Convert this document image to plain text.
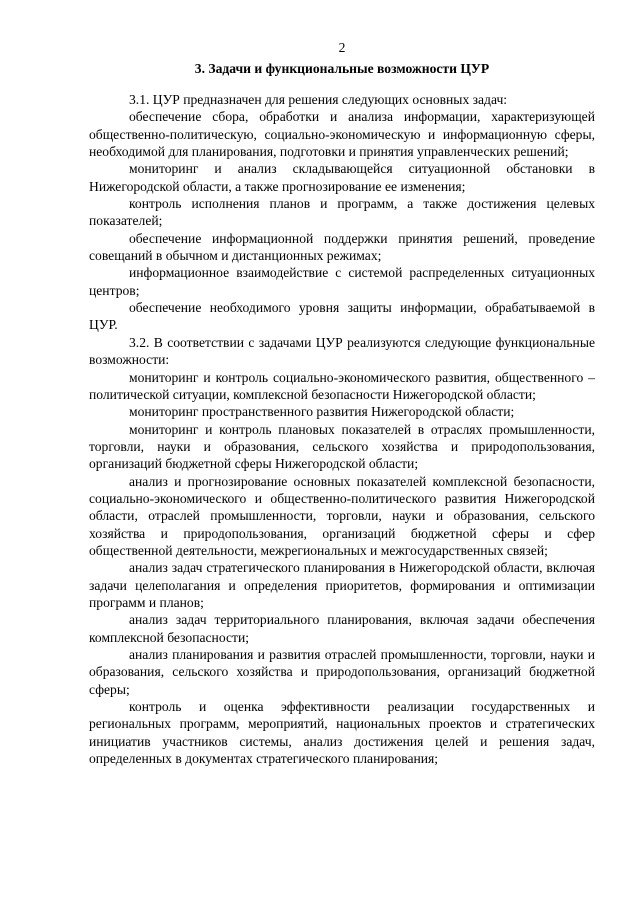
2
3. Задачи и функциональные возможности ЦУР

3.1. ЦУР предназначен для решения следующих основных задач:

обеспечение сбора, обработки и анализа информации, характеризующей общественно-политическую, социально-экономическую и информационную сферы, необходимой для планирования, подготовки и принятия управленческих решений;

мониторинг и анализ складывающейся ситуационной обстановки в Нижегородской области, а также прогнозирование ее изменения;

контроль исполнения планов и программ, а также достижения целевых показателей;

обеспечение информационной поддержки принятия решений, проведение совещаний в обычном и дистанционных режимах;

информационное взаимодействие с системой распределенных ситуационных центров;

обеспечение необходимого уровня защиты информации, обрабатываемой в ЦУР.

3.2. В соответствии с задачами ЦУР реализуются следующие функциональные возможности:

мониторинг и контроль социально-экономического развития, общественного – политической ситуации, комплексной безопасности Нижегородской области;

мониторинг пространственного развития Нижегородской области;

мониторинг и контроль плановых показателей в отраслях промышленности, торговли, науки и образования, сельского хозяйства и природопользования, организаций бюджетной сферы Нижегородской области;

анализ и прогнозирование основных показателей комплексной безопасности, социально-экономического и общественно-политического развития Нижегородской области, отраслей промышленности, торговли, науки и образования, сельского хозяйства и природопользования, организаций бюджетной сферы и сфер общественной деятельности, межрегиональных и межгосударственных связей;

анализ задач стратегического планирования в Нижегородской области, включая задачи целеполагания и определения приоритетов, формирования и оптимизации программ и планов;

анализ задач территориального планирования, включая задачи обеспечения комплексной безопасности;

анализ планирования и развития отраслей промышленности, торговли, науки и образования, сельского хозяйства и природопользования, организаций бюджетной сферы;

контроль и оценка эффективности реализации государственных и региональных программ, мероприятий, национальных проектов и стратегических инициатив участников системы, анализ достижения целей и решения задач, определенных в документах стратегического планирования;
